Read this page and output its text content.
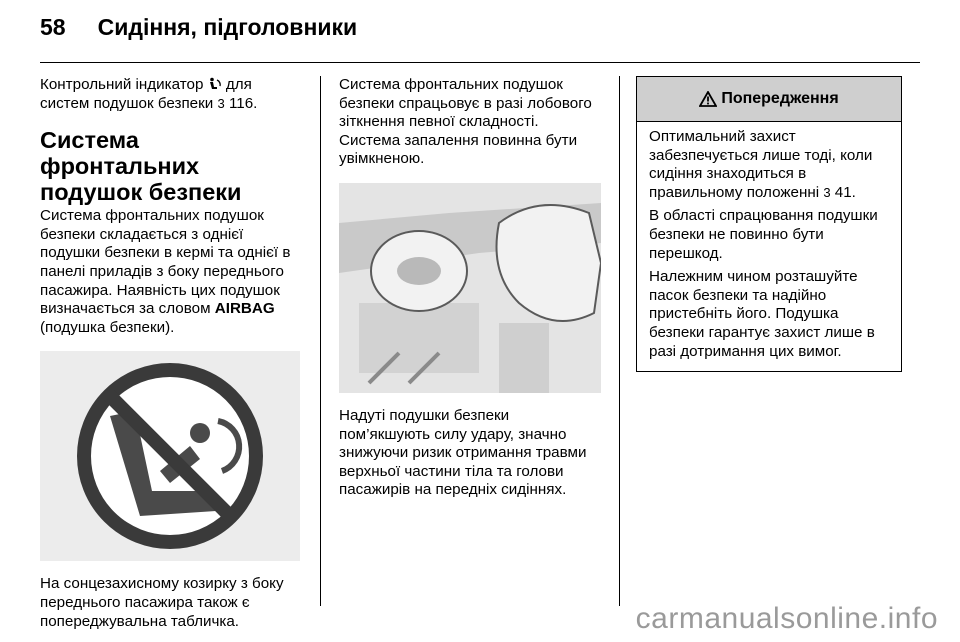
58 Сидіння, підголовники

Контрольний індикатор  для систем подушок безпеки 3 116.

Система фронтальних подушок безпеки

Система фронтальних подушок безпеки складається з однієї подушки безпеки в кермі та однієї в панелі приладів з боку переднього пасажира. Наявність цих подушок визначається за словом AIRBAG (подушка безпеки).

На сонцезахисному козирку з боку переднього пасажира також є попереджувальна табличка.

Система фронтальних подушок безпеки спрацьовує в разі лобового зіткнення певної складності. Система запалення повинна бути увімкненою.

Надуті подушки безпеки пом’якшують силу удару, значно знижуючи ризик отримання травми верхньої частини тіла та голови пасажирів на передніх сидіннях.

Попередження

Оптимальний захист забезпечується лише тоді, коли сидіння знаходиться в правильному положенні 3 41.

В області спрацювання подушки безпеки не повинно бути перешкод.

Належним чином розташуйте пасок безпеки та надійно пристебніть його. Подушка безпеки гарантує захист лише в разі дотримання цих вимог.

carmanualsonline.info
